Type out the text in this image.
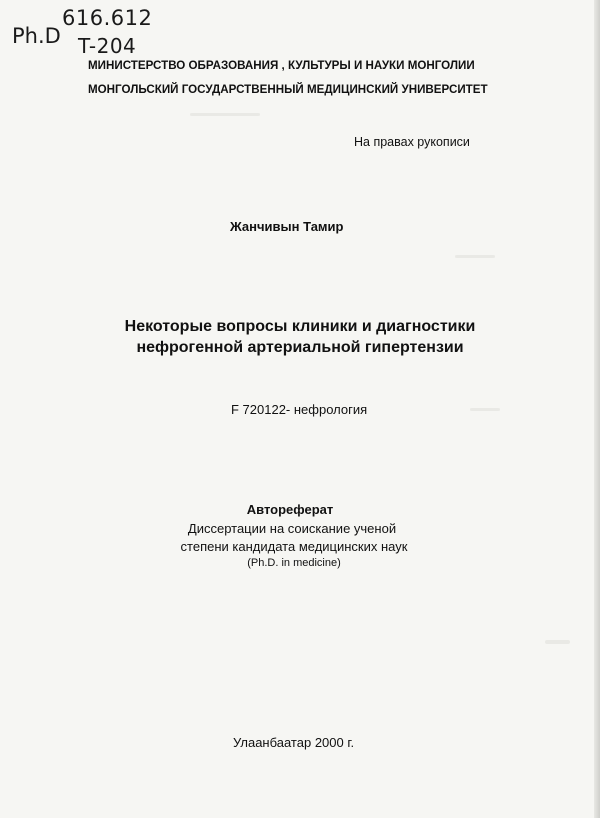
Ph.D
616.612
T-204
МИНИСТЕРСТВО ОБРАЗОВАНИЯ , КУЛЬТУРЫ И НАУКИ МОНГОЛИИ
МОНГОЛЬСКИЙ ГОСУДАРСТВЕННЫЙ МЕДИЦИНСКИЙ УНИВЕРСИТЕТ
На правах рукописи
Жанчивын Тамир
Некоторые вопросы клиники и диагностики
нефрогенной артериальной гипертензии
F 720122- нефрология
Автореферат
Диссертации на соискание ученой
степени кандидата медицинских наук
(Ph.D. in medicine)
Улаанбаатар 2000 г.
